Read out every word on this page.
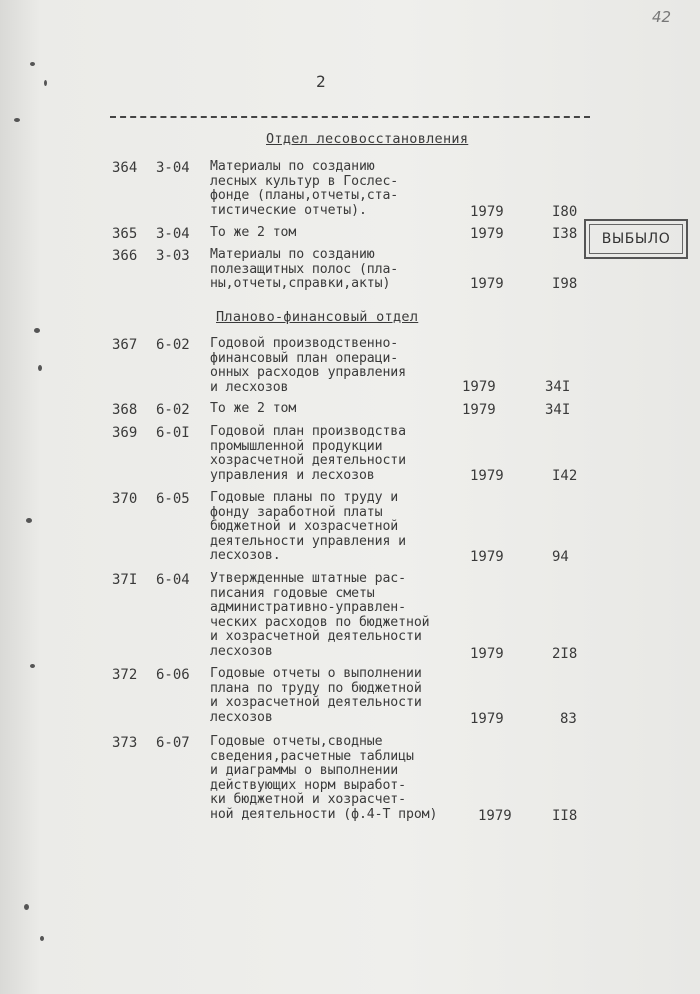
42
2
Отдел лесовосстановления
364 3-04 Материалы по созданию
лесных культур в Гослес-
фонде (планы,отчеты,ста-
тистические отчеты).	1979	I80
365 3-04 То же 2 том	1979	I38
366 3-03 Материалы по созданию
полезащитных полос (пла-
ны,отчеты,справки,акты)	1979	I98
Планово-финансовый отдел
367 6-02 Годовой производственно-
финансовый план операци-
онных расходов управления
и лесхозов	1979	34I
368 6-02 То же 2 том	1979	34I
369 6-0I Годовой план производства
промышленной продукции
хозрасчетной деятельности
управления и лесхозов	1979	I42
370 6-05 Годовые планы по труду и
фонду заработной платы
бюджетной и хозрасчетной
деятельности управления и
лесхозов.	1979	94
37I 6-04 Утвержденные штатные рас-
писания годовые сметы
административно-управлен-
ческих расходов по бюджетной
и хозрасчетной деятельности
лесхозов	1979	2I8
372 6-06 Годовые отчеты о выполнении
плана по труду по бюджетной
и хозрасчетной деятельности
лесхозов	1979	83
373 6-07 Годовые отчеты,сводные
сведения,расчетные таблицы
и диаграммы о выполнении
действующих норм выработ-
ки бюджетной и хозрасчет-
ной деятельности (ф.4-Т пром)	1979	II8
ВЫБЫЛО
